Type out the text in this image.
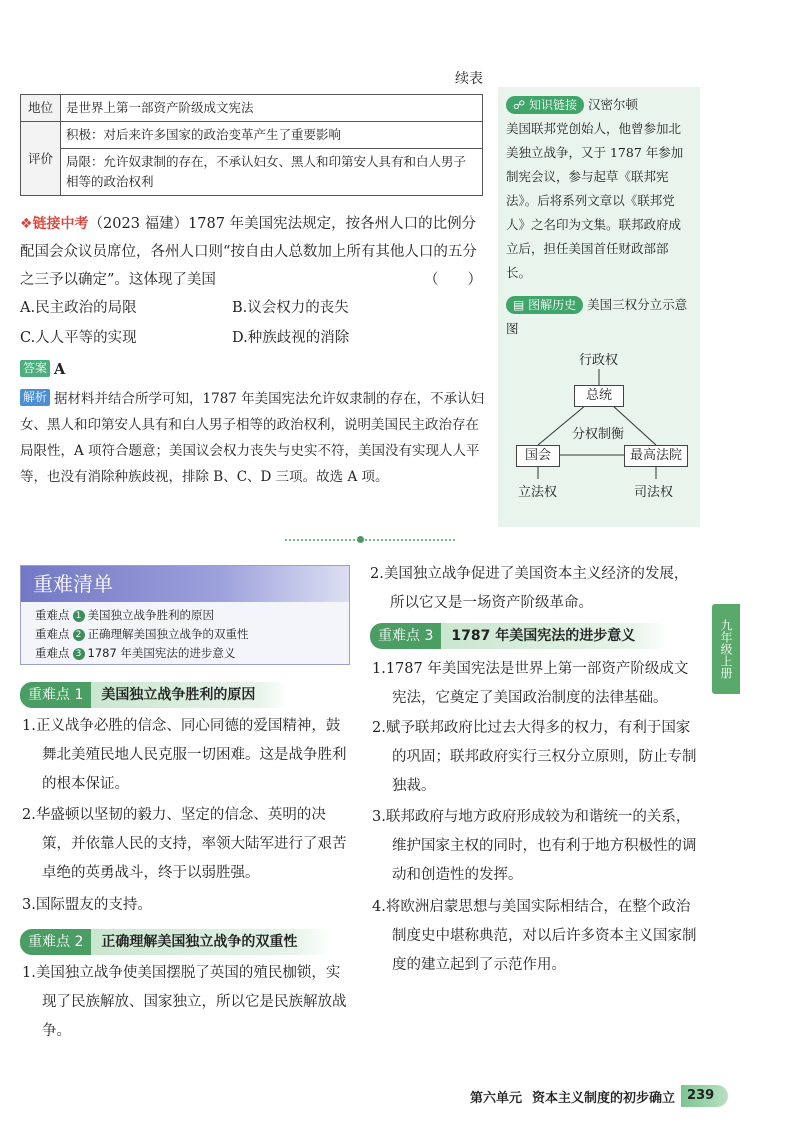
续表
地位	是世界上第一部资产阶级成文宪法
评价	积极：对后来许多国家的政治变革产生了重要影响
	局限：允许奴隶制的存在，不承认妇女、黑人和印第安人具有和白人男子相等的政治权利
❖链接中考（2023 福建）1787 年美国宪法规定，按各州人口的比例分配国会众议员席位，各州人口则“按自由人总数加上所有其他人口的五分之三予以确定”。这体现了美国	（　　）
A.民主政治的局限	B.议会权力的丧失
C.人人平等的实现	D.种族歧视的消除
答案 A
解析 据材料并结合所学可知，1787 年美国宪法允许奴隶制的存在，不承认妇女、黑人和印第安人具有和白人男子相等的政治权利，说明美国民主政治存在局限性，A 项符合题意；美国议会权力丧失与史实不符，美国没有实现人人平等，也没有消除种族歧视，排除 B、C、D 三项。故选 A 项。
☍ 知识链接 汉密尔顿
美国联邦党创始人，他曾参加北美独立战争，又于 1787 年参加制宪会议，参与起草《联邦宪法》。后将系列文章以《联邦党人》之名印为文集。联邦政府成立后，担任美国首任财政部部长。
▤ 图解历史 美国三权分立示意图
行政权
总统
分权制衡
国会	最高法院
立法权	司法权
重难清单
重难点 1 美国独立战争胜利的原因
重难点 2 正确理解美国独立战争的双重性
重难点 3 1787 年美国宪法的进步意义
重难点 1	美国独立战争胜利的原因
1.正义战争必胜的信念、同心同德的爱国精神，鼓舞北美殖民地人民克服一切困难。这是战争胜利的根本保证。
2.华盛顿以坚韧的毅力、坚定的信念、英明的决策，并依靠人民的支持，率领大陆军进行了艰苦卓绝的英勇战斗，终于以弱胜强。
3.国际盟友的支持。
重难点 2	正确理解美国独立战争的双重性
1.美国独立战争使美国摆脱了英国的殖民枷锁，实现了民族解放、国家独立，所以它是民族解放战争。
2.美国独立战争促进了美国资本主义经济的发展，所以它又是一场资产阶级革命。
重难点 3	1787 年美国宪法的进步意义
1.1787 年美国宪法是世界上第一部资产阶级成文宪法，它奠定了美国政治制度的法律基础。
2.赋予联邦政府比过去大得多的权力，有利于国家的巩固；联邦政府实行三权分立原则，防止专制独裁。
3.联邦政府与地方政府形成较为和谐统一的关系，维护国家主权的同时，也有利于地方积极性的调动和创造性的发挥。
4.将欧洲启蒙思想与美国实际相结合，在整个政治制度史中堪称典范，对以后许多资本主义国家制度的建立起到了示范作用。
九年级上册
第六单元 资本主义制度的初步确立 239
